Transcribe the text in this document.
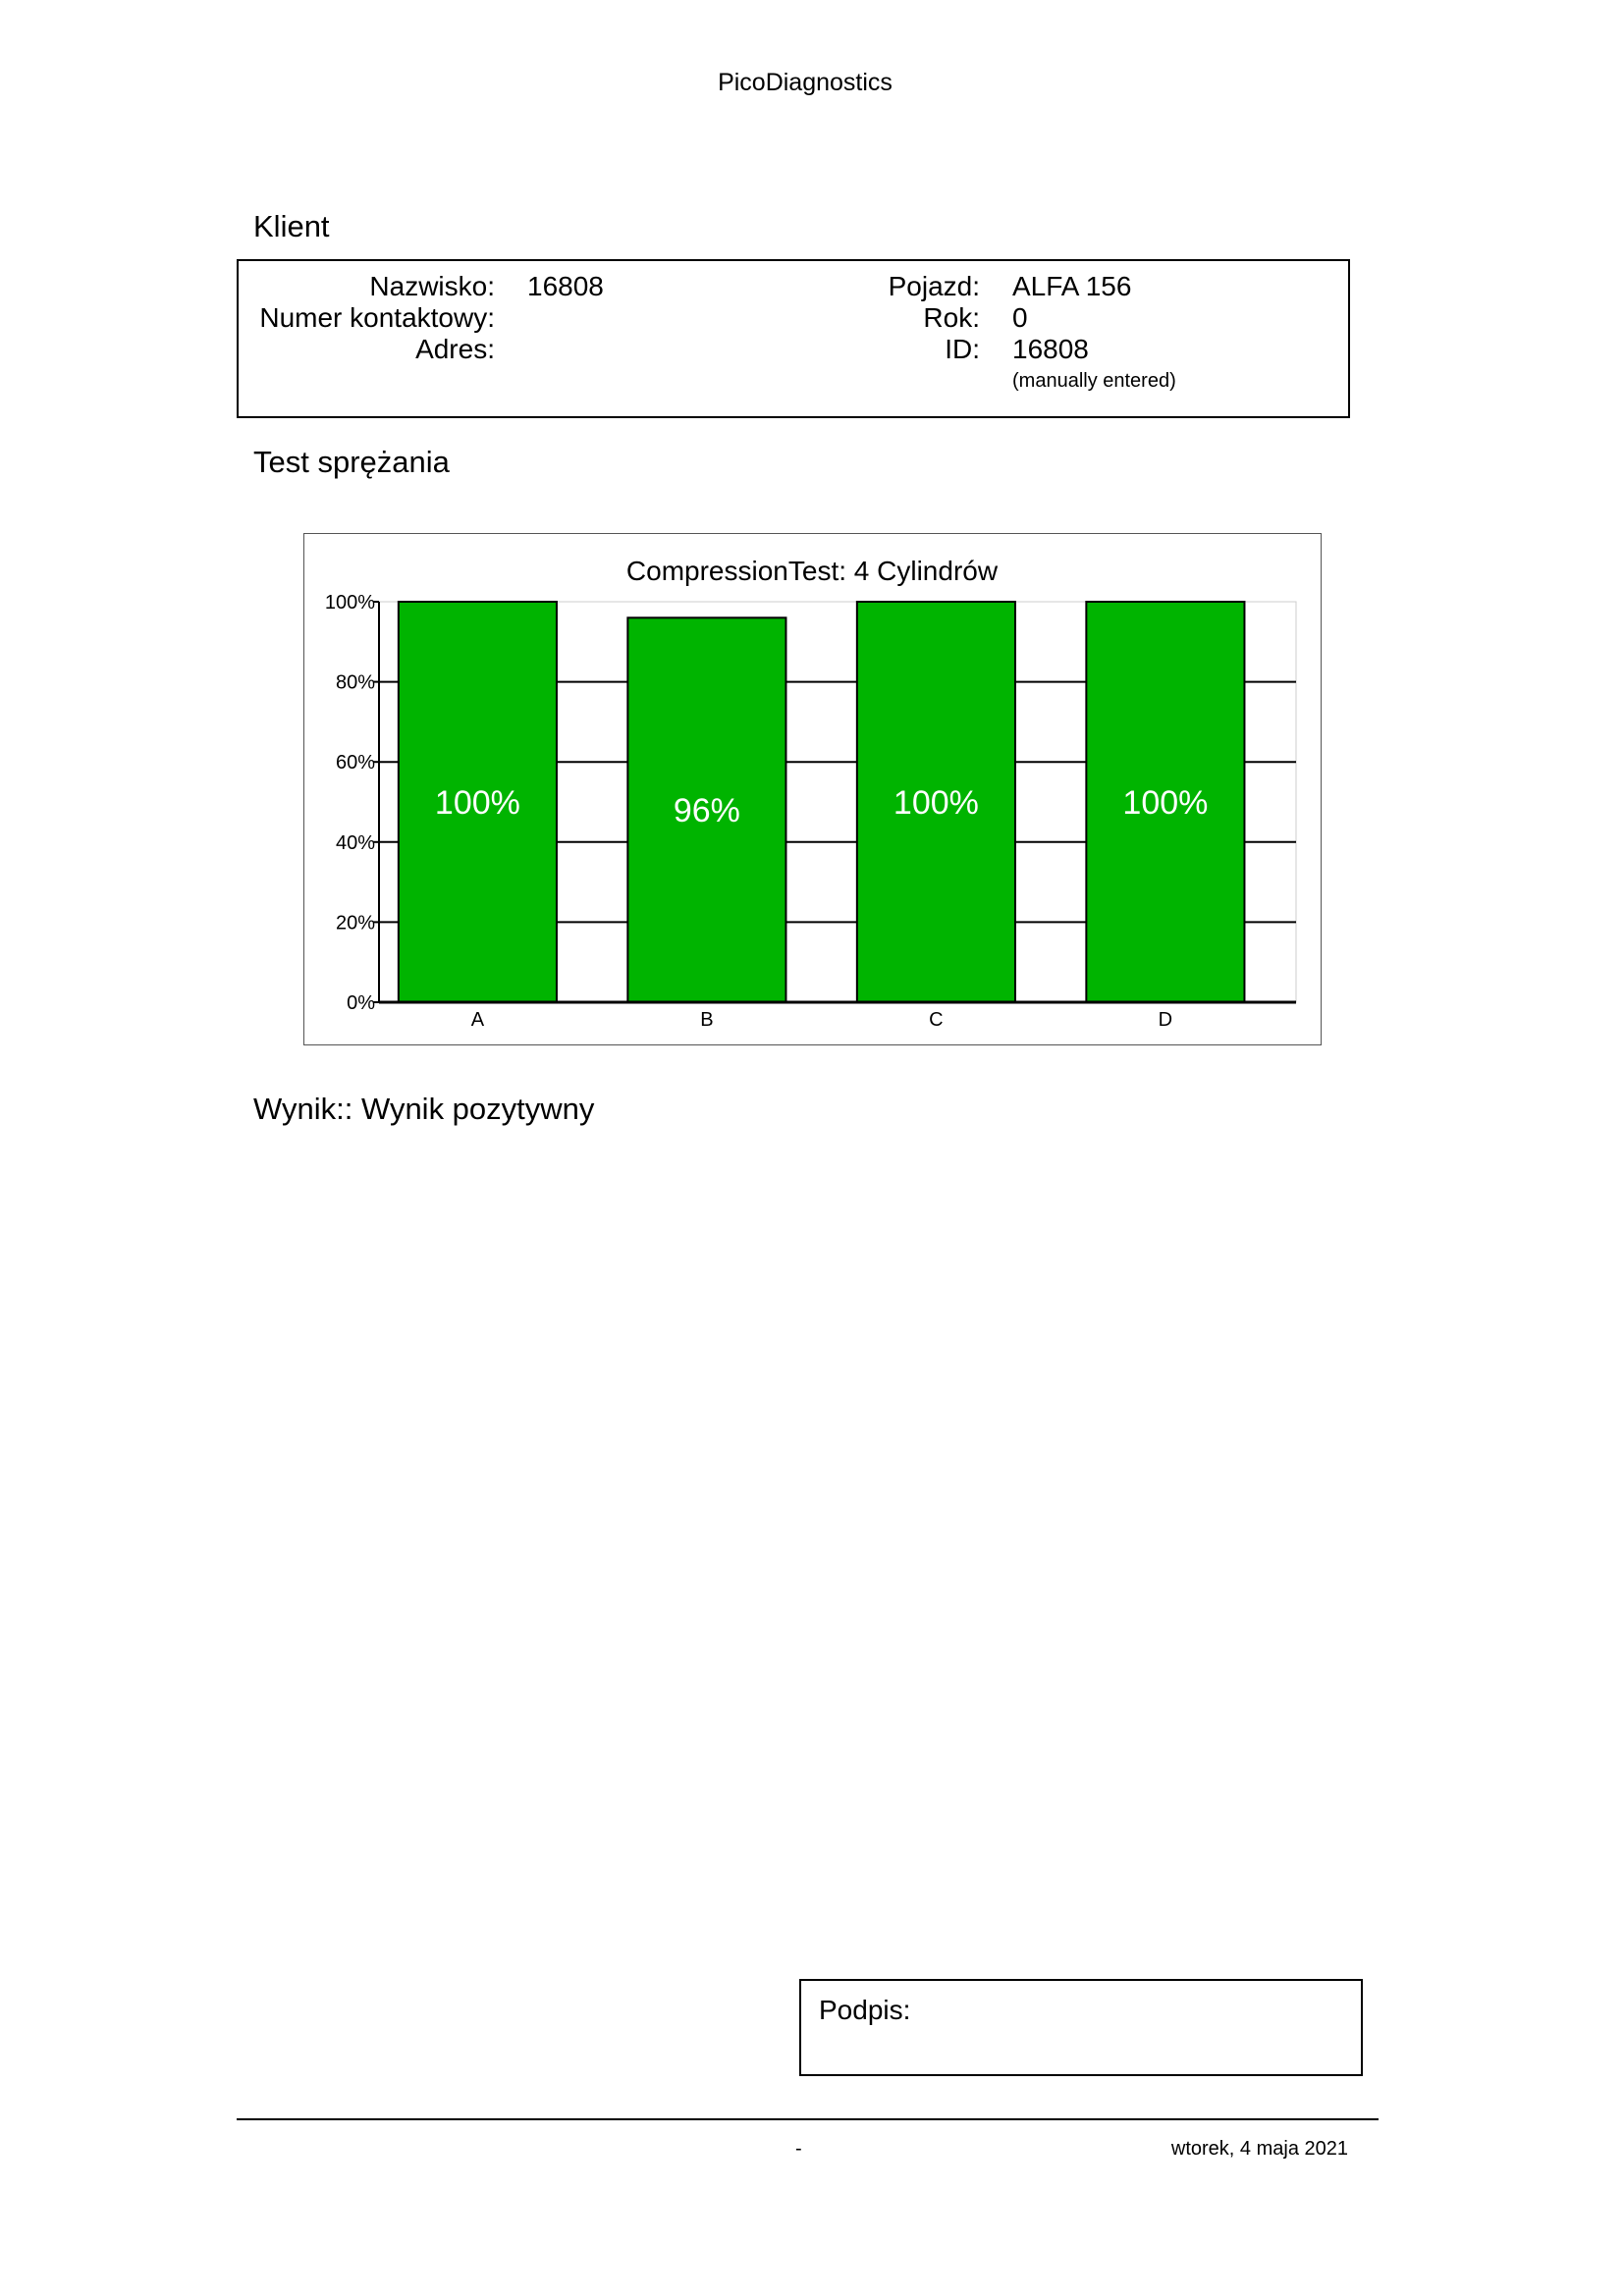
PicoDiagnostics
Klient
Nazwisko: 16808
Numer kontaktowy:
Adres:
Pojazd: ALFA 156
Rok: 0
ID: 16808
(manually entered)
Test sprężania
CompressionTest: 4 Cylindrów
0%
20%
40%
60%
80%
100%
100%
A
96%
B
100%
C
100%
D
Wynik:: Wynik pozytywny
Podpis:
-	wtorek, 4 maja 2021
